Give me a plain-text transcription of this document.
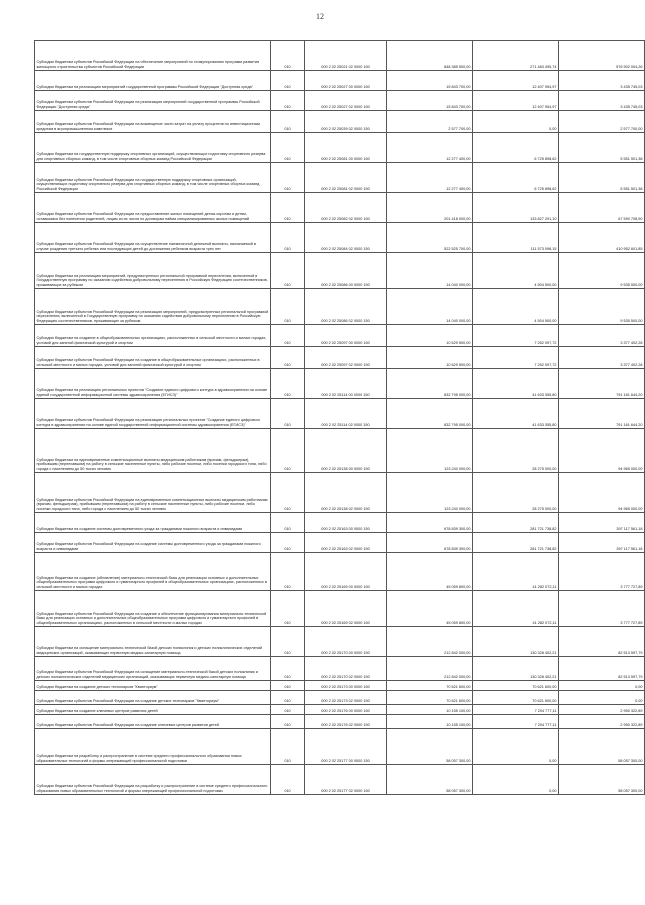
12
Субсидии бюджетам субъектов Российской Федерации на обеспечение мероприятий по стимулированию программ развития жилищного строительства субъектов Российской Федерации	010	000 2 02 25021 02 0000 150	848 385 500,00	271 483 495,74	576 902 004,26
Субсидии бюджетам на реализацию мероприятий государственной программы Российской Федерации "Доступная среда"	010	000 2 02 25027 00 0000 150	15 843 700,00	12 407 954,97	3 435 745,03
Субсидии бюджетам субъектов Российской Федерации на реализацию мероприятий государственной программы Российской Федерации "Доступная среда"	010	000 2 02 25027 02 0000 150	15 843 700,00	12 407 954,97	3 435 745,03
Субсидии бюджетам субъектов Российской Федерации на возмещение части затрат на уплату процентов по инвестиционным кредитам в агропромышленном комплексе	010	000 2 02 25039 02 0000 150	2 577 700,00	0,00	2 577 700,00
Субсидии бюджетам на государственную поддержку спортивных организаций, осуществляющих подготовку спортивного резерва для спортивных сборных команд, в том числе спортивных сборных команд Российской Федерации	010	000 2 02 25081 00 0000 150	12 277 400,00	6 725 898,62	5 551 501,38
Субсидии бюджетам субъектов Российской Федерации на государственную поддержку спортивных организаций, осуществляющих подготовку спортивного резерва для спортивных сборных команд, в том числе спортивных сборных команд Российской Федерации	010	000 2 02 25081 02 0000 150	12 277 400,00	6 725 898,62	5 551 501,38
Субсидии бюджетам субъектов Российской Федерации на предоставление жилых помещений детям-сиротам и детям, оставшимся без попечения родителей, лицам из их числа по договорам найма специализированных жилых помещений	010	000 2 02 25082 02 0000 150	201 418 000,00	133 827 291,10	67 590 708,90
Субсидии бюджетам субъектов Российской Федерации на осуществление ежемесячной денежной выплаты, назначаемой в случае рождения третьего ребенка или последующих детей до достижения ребенком возраста трех лет	010	000 2 02 25084 02 0000 150	522 525 700,00	111 573 098,15	410 952 601,85
Субсидии бюджетам на реализацию мероприятий, предусмотренных региональной программой переселения, включенной в Государственную программу по оказанию содействия добровольному переселению в Российскую Федерацию соотечественников, проживающих за рубежом	010	000 2 02 25086 00 0000 150	14 040 000,00	4 504 500,00	9 535 500,00
Субсидии бюджетам субъектов Российской Федерации на реализацию мероприятий, предусмотренных региональной программой переселения, включенной в Государственную программу по оказанию содействия добровольному переселению в Российскую Федерацию соотечественников, проживающих за рубежом	010	000 2 02 25086 02 0000 150	14 040 000,00	4 504 500,00	9 535 500,00
Субсидии бюджетам на создание в общеобразовательных организациях, расположенных в сельской местности и малых городах, условий для занятий физической культурой и спортом	010	000 2 02 25097 00 0000 150	10 629 500,00	7 252 097,72	3 377 402,28
Субсидии бюджетам субъектов Российской Федерации на создание в общеобразовательных организациях, расположенных в сельской местности и малых городах, условий для занятий физической культурой и спортом	010	000 2 02 25097 02 0000 150	10 629 500,00	7 252 097,72	3 377 402,28
Субсидии бюджетам на реализацию региональных проектов "Создание единого цифрового контура в здравоохранении на основе единой государственной информационной системы здравоохранения (ЕГИСЗ)"	010	000 2 02 25114 00 0000 150	832 795 000,00	41 633 355,80	791 161 644,20
Субсидии бюджетам субъектов Российской Федерации на реализацию региональных проектов "Создание единого цифрового контура в здравоохранении на основе единой государственной информационной системы здравоохранения (ЕГИСЗ)"	010	000 2 02 25114 02 0000 150	832 795 000,00	41 633 355,80	791 161 644,20
Субсидии бюджетам на единовременные компенсационные выплаты медицинским работникам (врачам, фельдшерам), прибывшим (переехавшим) на работу в сельские населенные пункты, либо рабочие поселки, либо поселки городского типа, либо города с населением до 50 тысяч человек	010	000 2 02 25138 00 0000 150	123 240 000,00	28 275 000,00	94 965 000,00
Субсидии бюджетам субъектов Российской Федерации на единовременные компенсационные выплаты медицинским работникам (врачам, фельдшерам), прибывшим (переехавшим) на работу в сельские населенные пункты, либо рабочие поселки, либо поселки городского типа, либо города с населением до 50 тысяч человек	010	000 2 02 25138 02 0000 150	123 240 000,00	28 275 000,00	94 965 000,00
Субсидии бюджетам на создание системы долговременного ухода за гражданами пожилого возраста и инвалидами	010	000 2 02 25163 00 0000 150	678 839 300,00	281 721 738,82	397 117 561,18
Субсидии бюджетам субъектов Российской Федерации на создание системы долговременного ухода за гражданами пожилого возраста и инвалидами	010	000 2 02 25163 02 0000 150	678 839 300,00	281 721 738,82	397 117 561,18
Субсидии бюджетам на создание (обновление) материально-технической базы для реализации основных и дополнительных общеобразовательных программ цифрового и гуманитарного профилей в общеобразовательных организациях, расположенных в сельской местности и малых городах	010	000 2 02 25169 00 0000 150	45 059 800,00	41 282 072,11	3 777 727,89
Субсидии бюджетам субъектов Российской Федерации на создание и обеспечение функционирования материально-технической базы для реализации основных и дополнительных общеобразовательных программ цифрового и гуманитарного профилей в общеобразовательных организациях, расположенных в сельской местности и малых городах	010	000 2 02 25169 02 0000 150	45 059 800,00	41 282 072,11	3 777 727,89
Субсидии бюджетам на оснащение материально-технической базой детских поликлиник и детских поликлинических отделений медицинских организаций, оказывающих первичную медико-санитарную помощь	010	000 2 02 25170 00 0000 150	212 842 000,00	130 328 402,21	82 513 597,79
Субсидии бюджетам субъектов Российской Федерации на оснащение материально-технической базой детских поликлиник и детских поликлинических отделений медицинских организаций, оказывающих первичную медико-санитарную помощь	010	000 2 02 25170 02 0000 150	212 842 000,00	130 328 402,21	82 513 597,79
Субсидии бюджетам на создание детских технопарков "Кванториум"	010	000 2 02 25173 00 0000 150	70 621 600,00	70 621 600,00	0,00
Субсидии бюджетам субъектов Российской Федерации на создание детских технопарков "Кванториум"	010	000 2 02 25173 02 0000 150	70 621 600,00	70 621 600,00	0,00
Субсидии бюджетам на создание ключевых центров развития детей	010	000 2 02 25176 00 0000 150	10 155 100,00	7 204 777,11	2 950 322,89
Субсидии бюджетам субъектов Российской Федерации на создание ключевых центров развития детей	010	000 2 02 25176 02 0000 150	10 155 100,00	7 204 777,11	2 950 322,89
Субсидии бюджетам на разработку и распространение в системе среднего профессионального образования новых образовательных технологий и формы опережающей профессиональной подготовки	010	000 2 02 25177 00 0000 150	58 057 300,00	0,00	58 057 300,00
Субсидии бюджетам субъектов Российской Федерации на разработку и распространение в системе среднего профессионального образования новых образовательных технологий и формы опережающей профессиональной подготовки	010	000 2 02 25177 02 0000 150	58 057 300,00	0,00	58 057 300,00
